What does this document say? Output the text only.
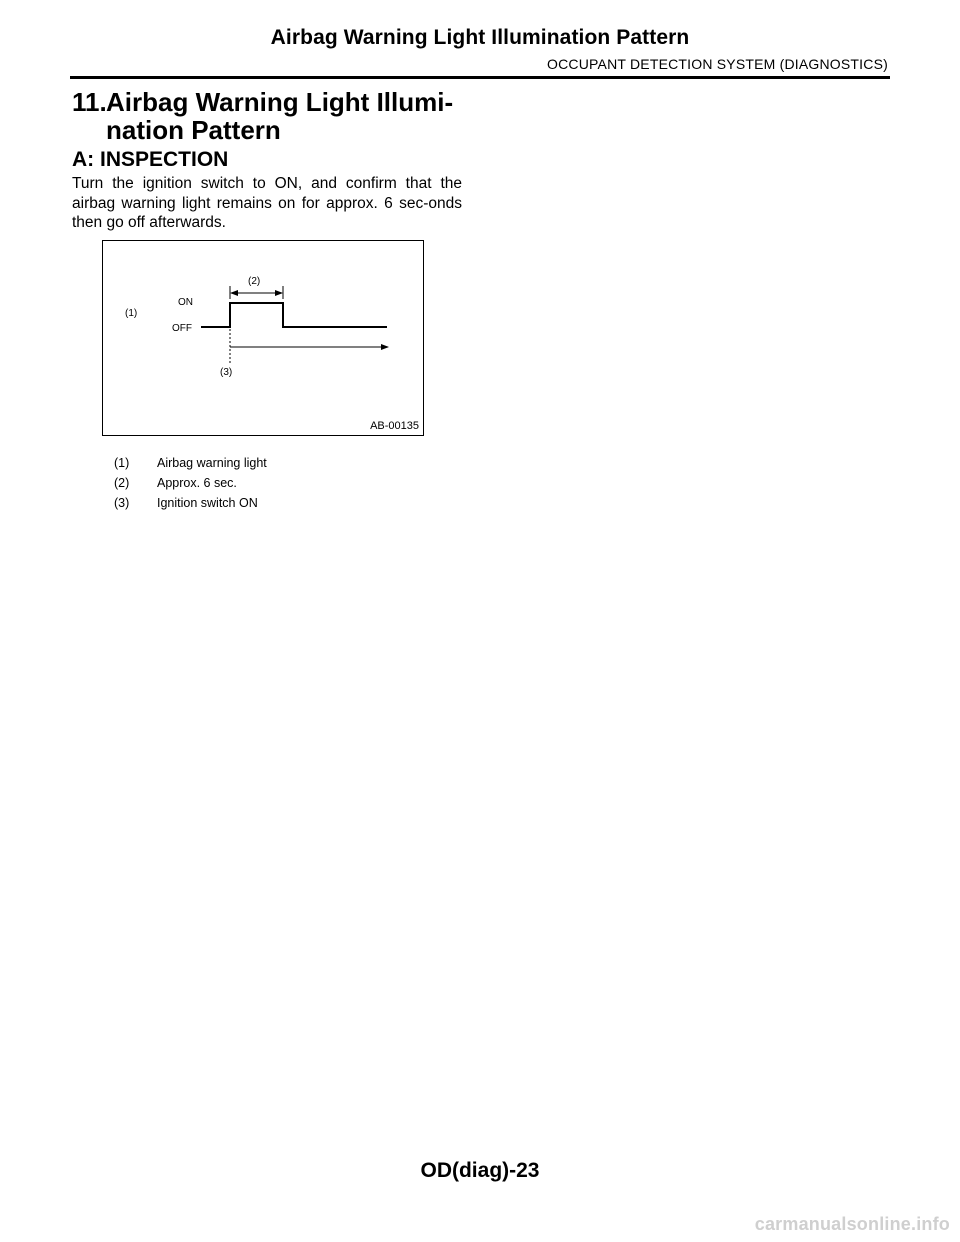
Airbag Warning Light Illumination Pattern
OCCUPANT DETECTION SYSTEM (DIAGNOSTICS)
11.Airbag Warning Light Illumi-
nation Pattern
A: INSPECTION
Turn the ignition switch to ON, and confirm that the airbag warning light remains on for approx. 6 sec-onds then go off afterwards.
(1)
ON
OFF
(2)
(3)
AB-00135
(1) Airbag warning light
(2) Approx. 6 sec.
(3) Ignition switch ON
OD(diag)-23
carmanualsonline.info
